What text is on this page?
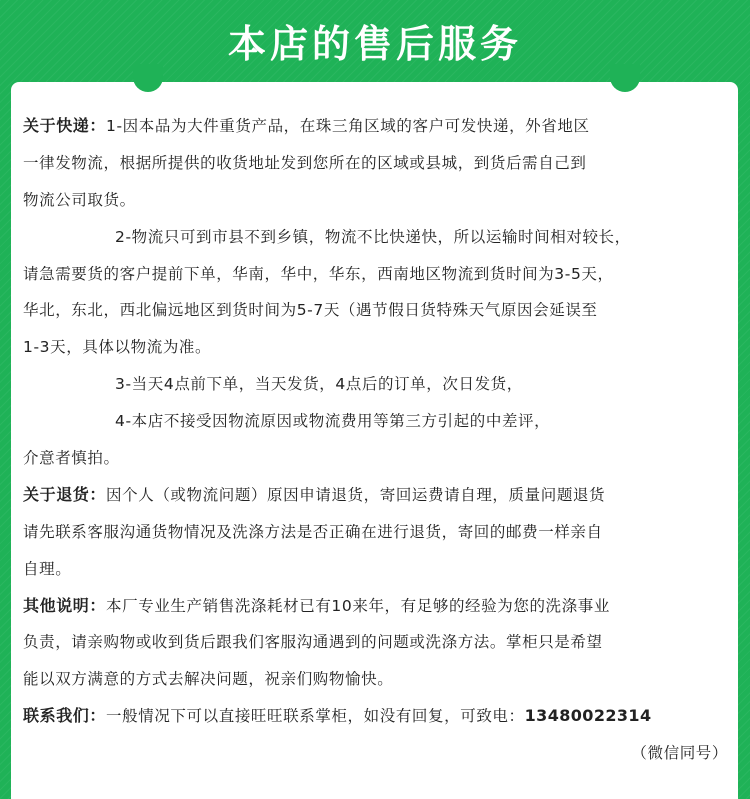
本店的售后服务
关于快递：1-因本品为大件重货产品，在珠三角区域的客户可发快递，外省地区
一律发物流，根据所提供的收货地址发到您所在的区域或县城，到货后需自己到
物流公司取货。
2-物流只可到市县不到乡镇，物流不比快递快，所以运输时间相对较长，
请急需要货的客户提前下单，华南，华中，华东，西南地区物流到货时间为3-5天，
华北，东北，西北偏远地区到货时间为5-7天（遇节假日货特殊天气原因会延误至
1-3天，具体以物流为准。
3-当天4点前下单，当天发货，4点后的订单，次日发货，
4-本店不接受因物流原因或物流费用等第三方引起的中差评，
介意者慎拍。
关于退货：因个人（或物流问题）原因申请退货，寄回运费请自理，质量问题退货
请先联系客服沟通货物情况及洗涤方法是否正确在进行退货，寄回的邮费一样亲自
自理。
其他说明：本厂专业生产销售洗涤耗材已有10来年，有足够的经验为您的洗涤事业
负责，请亲购物或收到货后跟我们客服沟通遇到的问题或洗涤方法。掌柜只是希望
能以双方满意的方式去解决问题，祝亲们购物愉快。
联系我们：一般情况下可以直接旺旺联系掌柜，如没有回复，可致电：13480022314
（微信同号）
